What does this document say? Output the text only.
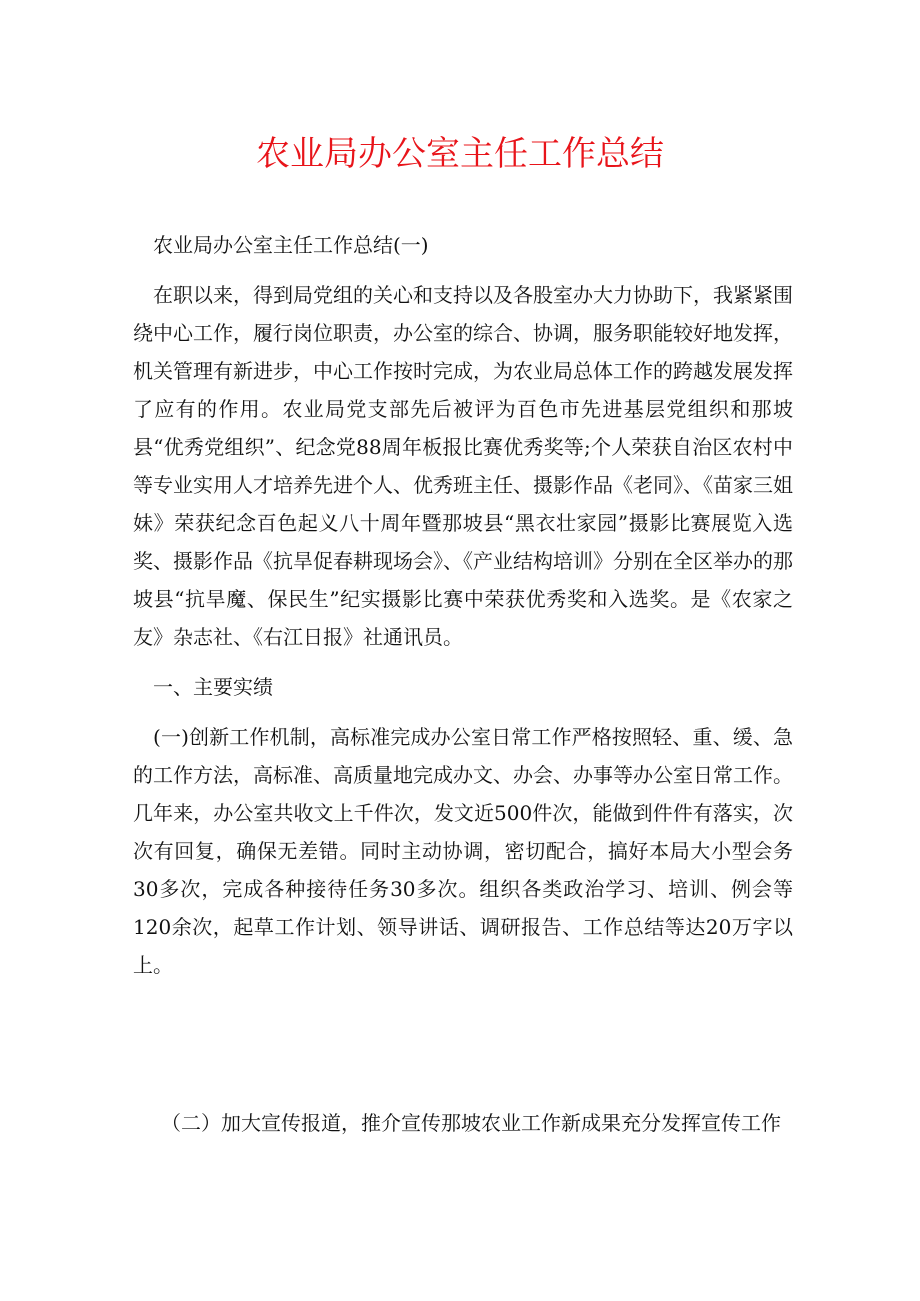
农业局办公室主任工作总结

农业局办公室主任工作总结(一)

在职以来，得到局党组的关心和支持以及各股室办大力协助下，我紧紧围绕中心工作，履行岗位职责，办公室的综合、协调，服务职能较好地发挥，机关管理有新进步，中心工作按时完成，为农业局总体工作的跨越发展发挥了应有的作用。农业局党支部先后被评为百色市先进基层党组织和那坡县“优秀党组织”、纪念党88周年板报比赛优秀奖等;个人荣获自治区农村中等专业实用人才培养先进个人、优秀班主任、摄影作品《老同》、《苗家三姐妹》荣获纪念百色起义八十周年暨那坡县“黑衣壮家园”摄影比赛展览入选奖、摄影作品《抗旱促春耕现场会》、《产业结构培训》分别在全区举办的那坡县“抗旱魔、保民生”纪实摄影比赛中荣获优秀奖和入选奖。是《农家之友》杂志社、《右江日报》社通讯员。

一、主要实绩

(一)创新工作机制，高标准完成办公室日常工作严格按照轻、重、缓、急的工作方法，高标准、高质量地完成办文、办会、办事等办公室日常工作。几年来，办公室共收文上千件次，发文近500件次，能做到件件有落实，次次有回复，确保无差错。同时主动协调，密切配合，搞好本局大小型会务30多次，完成各种接待任务30多次。组织各类政治学习、培训、例会等120余次，起草工作计划、领导讲话、调研报告、工作总结等达20万字以上。

（二）加大宣传报道，推介宣传那坡农业工作新成果充分发挥宣传工作
